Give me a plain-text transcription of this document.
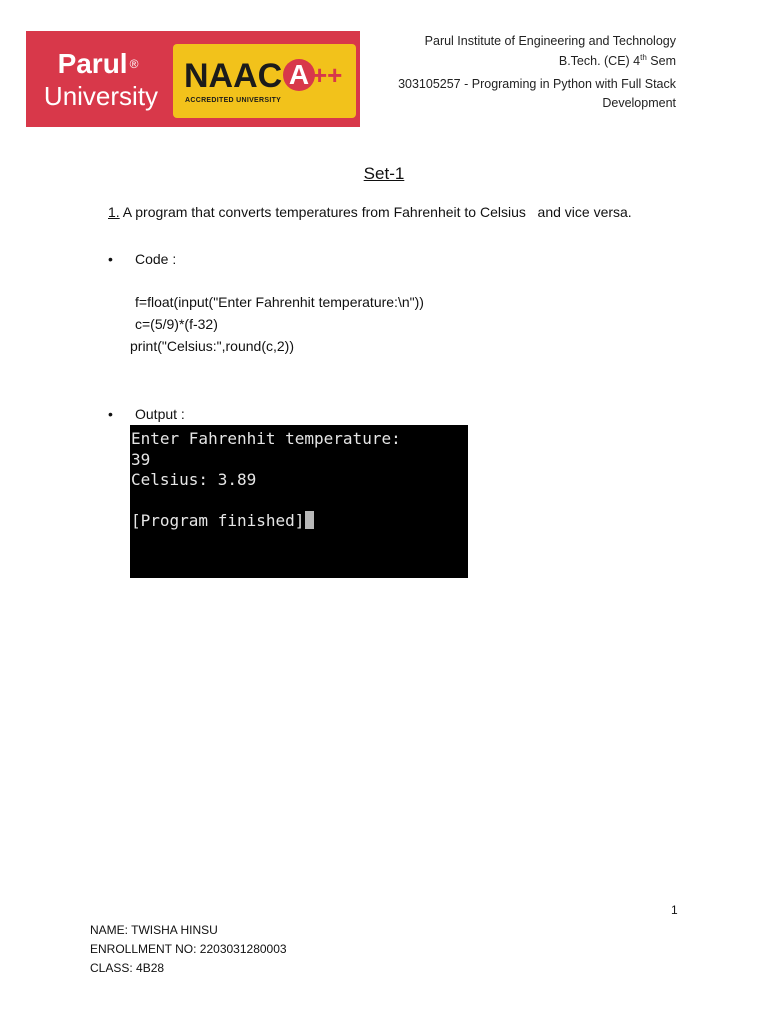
Parul ®
University
NAAC A ++
ACCREDITED UNIVERSITY
Parul Institute of Engineering and Technology
B.Tech. (CE) 4th Sem
303105257 - Programing in Python with Full Stack
Development
Set-1
1. A program that converts temperatures from Fahrenheit to Celsius   and vice versa.
• Code :
f=float(input("Enter Fahrenhit temperature:\n"))
c=(5/9)*(f-32)
print("Celsius:",round(c,2))
• Output :
Enter Fahrenhit temperature:
39
Celsius: 3.89
[Program finished]
1
NAME: TWISHA HINSU
ENROLLMENT NO: 2203031280003
CLASS: 4B28
